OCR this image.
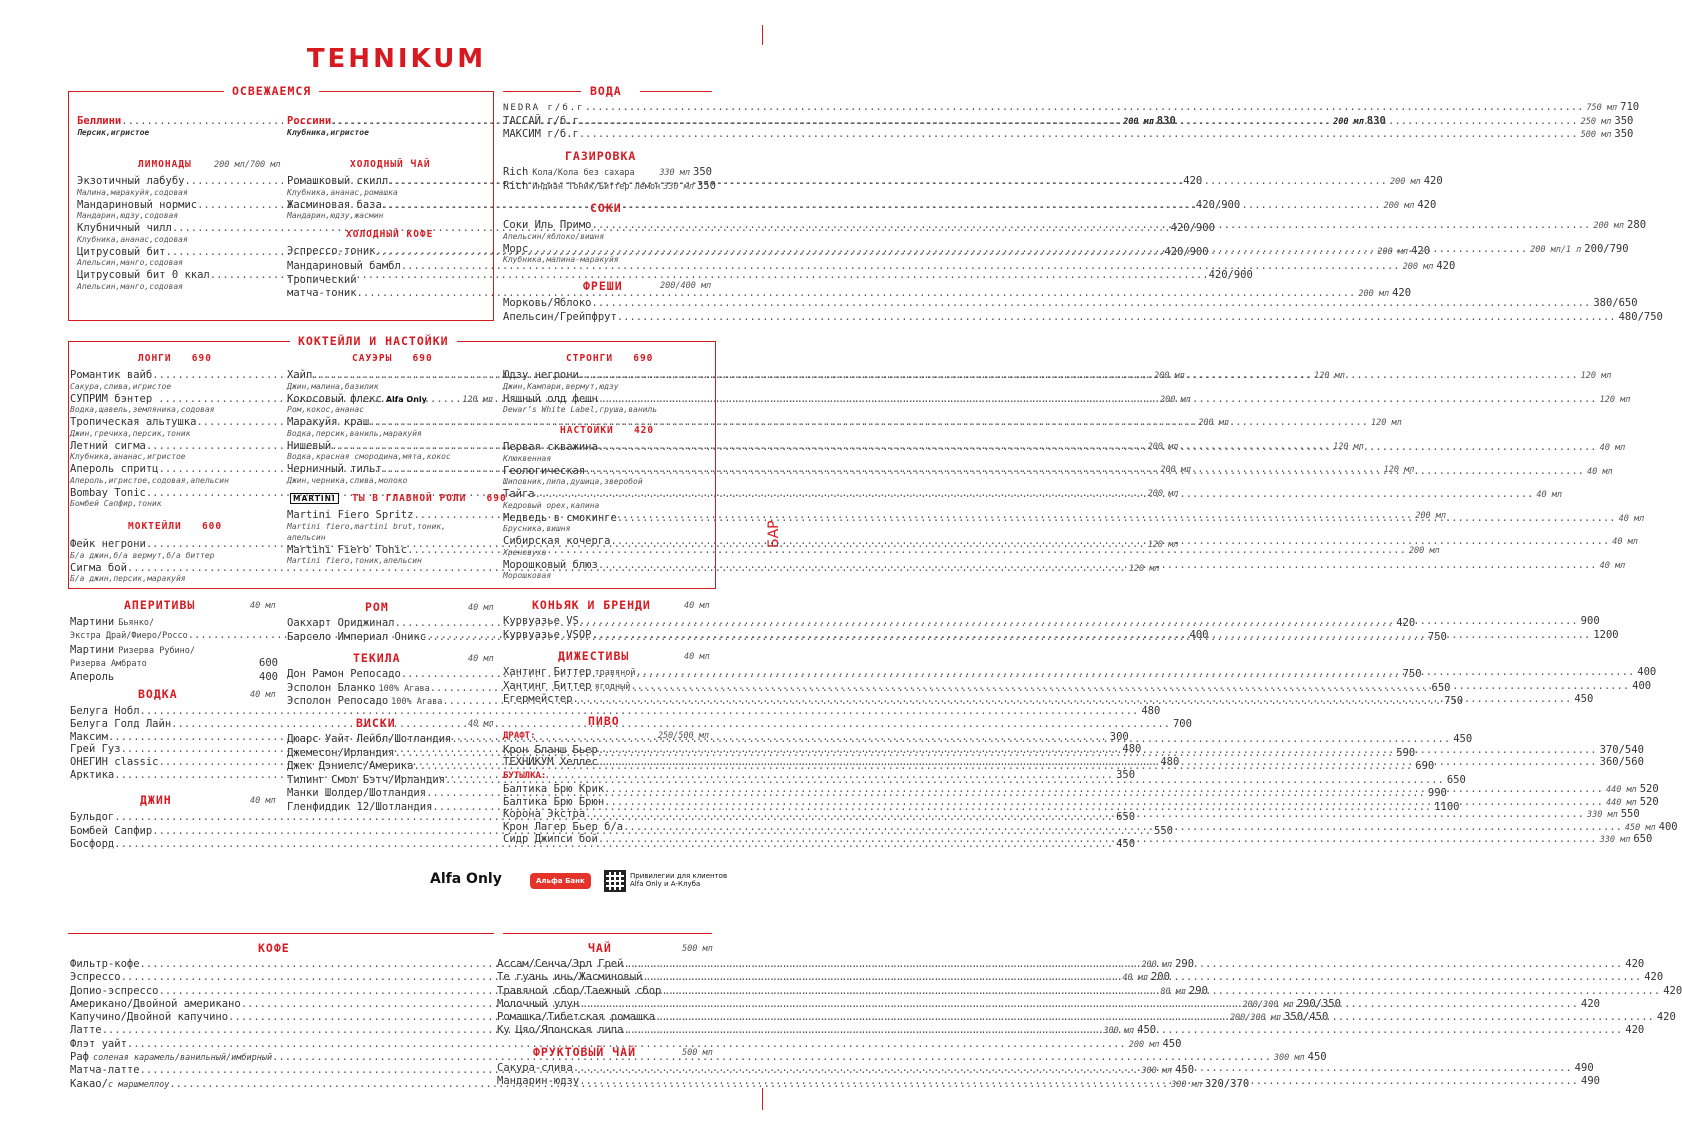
TEHNIKUM
БАР
ОСВЕЖАЕМСЯ
Беллини .....	200 мл 830
Персик,игристое
Россини .....	200 мл 830
Клубника,игристое
ЛИМОНАДЫ	200 мл/700 мл
Экзотичный лабубу .....	420
Малина,маракуйя,содовая
Мандариновый нормис .....	420/900
Мандарин,юдзу,содовая
Клубничный чилл .....	420/900
Клубника,ананас,содовая
Цитрусовый бит .....	420/900
Апельсин,манго,содовая
Цитрусовый бит 0 ккал .....	420/900
Апельсин,манго,содовая
ХОЛОДНЫЙ ЧАЙ
Ромашковый скилл .....	200 мл 420
Клубника,ананас,ромашка
Жасминовая база .....	200 мл 420
Мандарин,юдзу,жасмин
ХОЛОДНЫЙ КОФЕ
Эспрессо-тоник .....	200 мл 420
Мандариновый бамбл .....	200 мл 420
Тропический
матча-тоник .....	200 мл 420
ВОДА
NEDRA г/б.г .....	750 мл 710
ТАССАЙ г/б.г .....	250 мл 350
МАКСИМ г/б.г .....	500 мл 350
ГАЗИРОВКА
Rich Кола/Кола без сахара	330 мл 350
Rich Индиан Тоник/Биттер Лемон 330 мл 350
СОКИ
Соки Иль Примо .....	200 мл 280
Апельсин/яблоко/вишня
Морс .....	200 мл/1 л 200/790
Клубника,малина-маракуйя
ФРЕШИ	200/400 мл
Морковь/Яблоко .....	380/650
Апельсин/Грейпфрут .....	480/750
КОКТЕЙЛИ И НАСТОЙКИ
ЛОНГИ 690
Романтик вайб .....	200 мл
Сакура,слива,игристое
СУПРИМ бэнтер .....	200 мл
Водка,щавель,земляника,содовая
Тропическая альтушка .....	200 мл
Джин,гречиха,персик,тоник
Летний сигма .....	200 мл
Клубника,ананас,игристое
Апероль спритц .....	200 мл
Апероль,игристое,содовая,апельсин
Bombay Tonic .....	200 мл
Бомбей Сапфир,тоник
МОКТЕЙЛИ 600
Фейк негрони .....	120 мл
Б/а джин,б/а вермут,б/а биттер
Сигма бой .....	120 мл
Б/а джин,персик,маракуйя
САУЭРЫ 690
Хайп .....	120 мл
Джин,малина,базилик
Кокосовый флекс Alfa Only	120 мл
Ром,кокос,ананас
Маракуйя краш .....	120 мл
Водка,персик,ваниль,маракуйя
Нишевый .....	120 мл
Водка,красная смородина,мята,кокос
Черничный тильт .....	120 мл
Джин,черника,слива,молоко
MARTINI ТЫ В ГЛАВНОЙ РОЛИ 690
Martini Fiero Spritz .....	200 мл
Martini fiero,martini brut,тоник,
апельсин
Martini Fiero Tonic .....	200 мл
Martini fiero,тоник,апельсин
СТРОНГИ 690
Юдзу негрони .....	120 мл
Джин,Кампари,вермут,юдзу
Няшный олд фешн .....	120 мл
Dewar’s White Label,груша,ваниль
НАСТОЙКИ 420
Первая скважина .....	40 мл
Клюквенная
Геологическая .....	40 мл
Шиповник,липа,душица,зверобой
Тайга .....	40 мл
Кедровый орех,калина
Медведь в смокинге .....	40 мл
Брусника,вишня
Сибирская кочерга .....	40 мл
Хреновуха
Морошковый блюз .....	40 мл
Морошковая
АПЕРИТИВЫ	40 мл
Мартини Бьянко/
Экстра Драй/Фиеро/Россо .....	400
Мартини Ризерва Рубино/
Ризерва Амбрато	600
Апероль	400
ВОДКА	40 мл
Белуга Нобл .....	480
Белуга Голд Лайн .....	700
Максим .....	300
Грей Гуз .....	480
ОНЕГИН classic .....	480
Арктика .....	350
ДЖИН	40 мл
Бульдог .....	650
Бомбей Сапфир .....	550
Босфорд .....	450
РОМ	40 мл
Оакхарт Ориджинал .....	420
Барсело Империал Оникс .....	750
ТЕКИЛА	40 мл
Дон Рамон Репосадо .....	750
Эсполон Бланко 100% Агава .....	650
Эсполон Репосадо 100% Агава .....	750
ВИСКИ	40 мл
Дюарс Уайт Лейбл/Шотландия .....	450
Джемесон/Ирландия .....	590
Джек Дэниелс/Америка .....	690
Тилинг Смол Бэтч/Ирландия .....	650
Манки Шолдер/Шотландия .....	990
Гленфиддик 12/Шотландия .....	1100
КОНЬЯК И БРЕНДИ	40 мл
Курвуазье VS .....	900
Курвуазье VSOP .....	1200
ДИЖЕСТИВЫ	40 мл
Хантинг Биттер травяной .....	400
Хантинг Биттер ягодный .....	400
Егермейстер .....	450
ПИВО
ДРАФТ:	250/500 мл
Крон Бланш Бьер .....	370/540
ТЕХНИКУМ Хеллес .....	360/560
БУТЫЛКА:
Балтика Брю Крик .....	440 мл 520
Балтика Брю Брюн .....	440 мл 520
Корона Экстра .....	330 мл 550
Крон Лагер Бьер б/а .....	450 мл 400
Сидр Джипси бой .....	330 мл 650
Alfa Only	Альфа Банк
Привилегии для клиентов
Alfa Only и А-Клуба
КОФЕ
Фильтр-кофе .....	200 мл 290
Эспрессо .....	40 мл 200
Допио-эспрессо .....	80 мл 290
Американо/Двойной американо .....	200/300 мл 290/350
Капучино/Двойной капучино .....	200/300 мл 350/450
Латте .....	300 мл 450
Флэт уайт .....	200 мл 450
Раф соленая карамель/ванильный/имбирный .....	300 мл 450
Матча-латте .....	300 мл 450
Какао/ с маршмеллоу .....	300 мл 320/370
ЧАЙ	500 мл
Ассам/Сенча/Эрл Грей .....	420
Те гуань инь/Жасминовый .....	420
Травяной сбор/Таежный сбор .....	420
Молочный улун .....	420
Ромашка/Тибетская ромашка .....	420
Ку Цяо/Японская липа .....	420
ФРУКТОВЫЙ ЧАЙ	500 мл
Сакура-слива .....	490
Мандарин-юдзу .....	490
